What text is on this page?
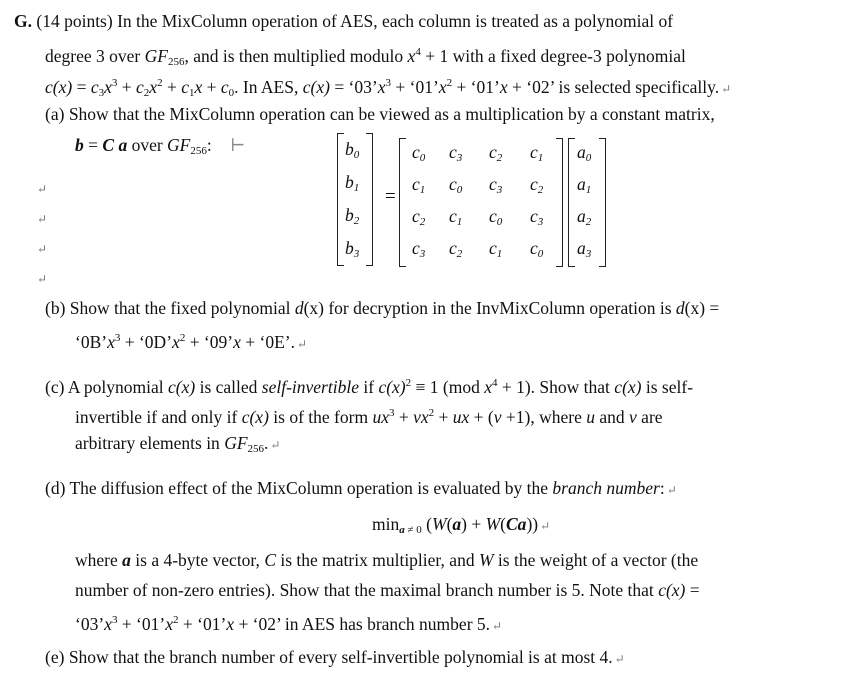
G. (14 points) In the MixColumn operation of AES, each column is treated as a polynomial of
degree 3 over $GF_{256}$, and is then multiplied modulo $x^4 + 1$ with a fixed degree-3 polynomial
$c(x) = c_3x^3 + c_2x^2 + c_1x + c_0$. In AES, $c(x) = ‘03’x^3$ + ‘$01’x^2$ + ‘01’x + ‘02’ is selected specifically. ↵
(a) Show that the MixColumn operation can be viewed as a multiplication by a constant matrix,
b = C a over $GF_{256}$: ⊢
↵
↵
↵
↵
$b_0$
$b_1$
$b_2$
$b_3$
=
$c_0$ $c_3$ $c_2$ $c_1$
$c_1$ $c_0$ $c_3$ $c_2$
$c_2$ $c_1$ $c_0$ $c_3$
$c_3$ $c_2$ $c_1$ $c_0$
$a_0$
$a_1$
$a_2$
$a_3$
(b) Show that the fixed polynomial d(x) for decryption in the InvMixColumn operation is d(x) =
‘$0B’x^3$ + ‘$0D’x^2$ + ‘09’x + ‘0E’. ↵
(c) A polynomial c(x) is called self-invertible if $c(x)^2 \equiv 1$ (mod $x^4 + 1$). Show that c(x) is self-
invertible if and only if c(x) is of the form $ux^3 + vx^2$ + ux + (v +1), where u and v are
arbitrary elements in $GF_{256}$. ↵
(d) The diffusion effect of the MixColumn operation is evaluated by the branch number: ↵
$\min_{a \ne 0} (W(a) + W(Ca))$ ↵
where a is a 4-byte vector, C is the matrix multiplier, and W is the weight of a vector (the
number of non-zero entries). Show that the maximal branch number is 5. Note that c(x) =
‘$03’x^3$ + ‘$01’x^2$ + ‘01’x + ‘02’ in AES has branch number 5. ↵
(e) Show that the branch number of every self-invertible polynomial is at most 4. ↵
